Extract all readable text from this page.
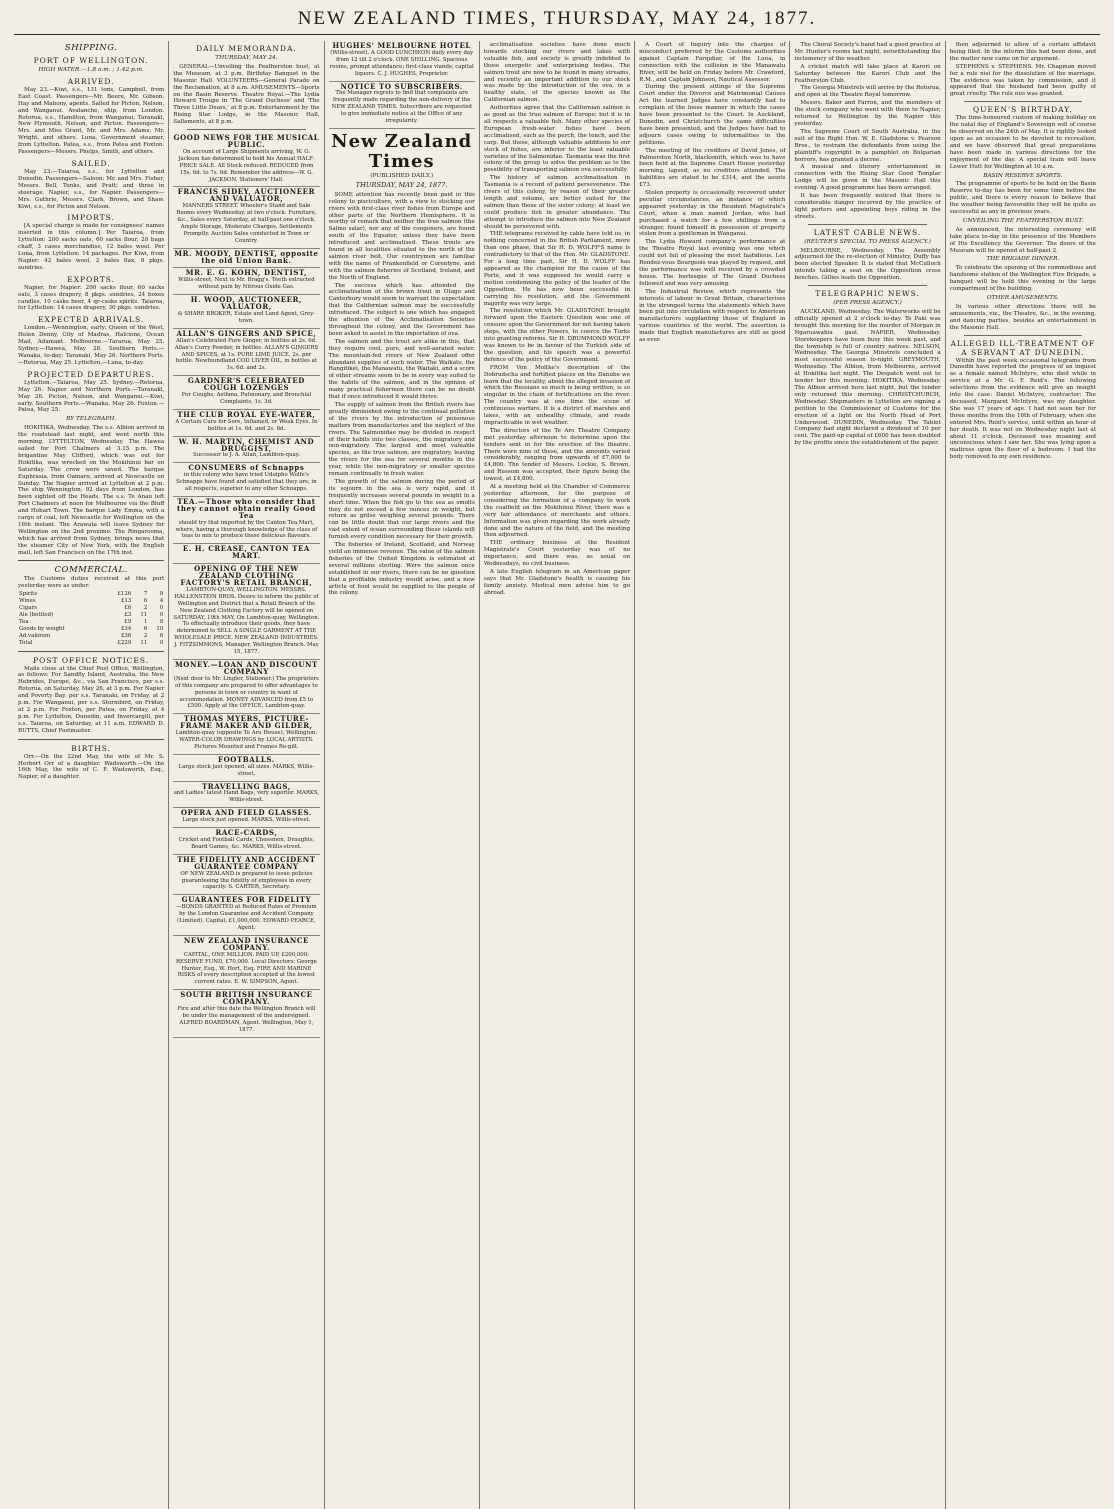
NEW ZEALAND TIMES, THURSDAY, MAY 24, 1877.
SHIPPING.
PORT OF WELLINGTON.
HIGH WATER.—1.8 a.m. ; 1.42 p.m.
ARRIVED.

May 23.—Kiwi, s.s., 131 tons, Campbell, from East Coast. Passengers—Mr. Beere, Mr. Gibson. Hay and Mahony, agents. Sailed for Picton, Nelson, and Wanganui. Avalanche, ship, from London. Rotorua, s.s., Hamilton, from Wanganui, Taranaki, New Plymouth, Nelson, and Picton. Passengers—Mrs. and Miss Grant, Mr. and Mrs. Adams, Mr. Wright, and others. Luna, Government steamer, from Lyttelton. Patea, s.s., from Patea and Foxton. Passengers—Messrs. Phelps, Smith, and others.

SAILED.

May 23.—Taiaroa, s.s., for Lyttelton and Dunedin. Passengers—Saloon: Mr. and Mrs. Fisher, Messrs. Bell, Tonks, and Pratt; and three in steerage. Napier, s.s., for Napier. Passengers—Mrs. Guthrie, Messrs. Clark, Brown, and Shaw. Kiwi, s.s., for Picton and Nelson.

IMPORTS.

[A special charge is made for consignees' names inserted in this column.] Per Taiaroa, from Lyttelton: 200 sacks oats, 60 sacks flour, 20 bags chaff, 3 cases merchandise, 12 bales wool. Per Luna, from Lyttelton: 14 packages. Per Kiwi, from Napier: 42 bales wool, 2 bales flax, 9 pkgs. sundries.

EXPORTS.

Napier, for Napier: 200 sacks flour, 60 sacks oats, 3 cases drapery, 8 pkgs. sundries, 24 boxes candles, 10 casks beer, 4 qr-casks spirits. Taiaroa, for Lyttelton: 14 cases drapery, 30 pkgs. sundries.

EXPECTED ARRIVALS.

London.—Wennington, early; Queen of the West, Helen Denny, City of Madras, Halcione, Ocean Mail, Adamant. Melbourne.—Tararua, May 25. Sydney.—Hawea, May 28. Southern Ports.—Wanaka, to-day; Taranaki, May 26. Northern Ports.—Rotorua, May 25. Lyttelton.—Luna, to-day.

PROJECTED DEPARTURES.

Lyttelton.—Taiaroa, May 25. Sydney.—Rotorua, May 26. Napier and Northern Ports.—Taranaki, May 26. Picton, Nelson, and Wanganui.—Kiwi, early. Southern Ports.—Wanaka, May 26. Foxton.—Patea, May 25.

BY TELEGRAPH.

HOKITIKA, Wednesday. The s.s. Albion arrived in the roadstead last night, and went north this morning. LYTTELTON, Wednesday. The Hawea sailed for Port Chalmers at 3.15 p.m. The brigantine May Clifford, which was out for Hokitika, was wrecked on the Mokihinui bar on Saturday. The crew were saved. The barque Euphrasia, from Oamaru, arrived at Newcastle on Sunday. The Napier arrived at Lyttelton at 2 p.m. The ship Wennington, 92 days from London, has been sighted off the Heads. The s.s. Te Anau left Port Chalmers at noon for Melbourne via the Bluff and Hobart Town. The barque Lady Emma, with a cargo of coal, left Newcastle for Wellington on the 16th instant. The Arawata will leave Sydney for Wellington on the 2nd proximo. The Ringarooma, which has arrived from Sydney, brings news that the steamer City of New York, with the English mail, left San Francisco on the 17th inst.

COMMERCIAL.

The Customs duties received at this port yesterday were as under:

Spirits	£126	7	8
Wines	£13	6	4
Cigars	£6	2	0
Ale (bottled)	£3	11	0
Tea	£9	1	8
Goods by weight	£34	6	10
Ad valorem	£36	2	6
Total	£229	11	0
POST OFFICE NOTICES.

Mails close at the Chief Post Office, Wellington, as follows: For Sandfly Island, Australia, the New Hebrides, Europe, &c., via San Francisco, per s.s. Rotorua, on Saturday, May 26, at 3 p.m. For Napier and Poverty Bay, per s.s. Taranaki, on Friday, at 2 p.m. For Wanganui, per s.s. Stormbird, on Friday, at 2 p.m. For Foxton, per Patea, on Friday, at 4 p.m. For Lyttelton, Dunedin, and Invercargill, per s.s. Taiaroa, on Saturday, at 11 a.m. EDWARD D. BUTTS, Chief Postmaster.

BIRTHS.

Orr.—On the 22nd May, the wife of Mr. S. Herbert Orr of a daughter. Wadsworth.—On the 16th May, the wife of C. F. Wadsworth, Esq., Napier, of a daughter.

DAILY MEMORANDA.
THURSDAY, MAY 24.

GENERAL—Unveiling the Featherston bust, at the Museum, at 3 p.m. Birthday Banquet in the Masonic Hall. VOLUNTEERS—General Parade on the Reclamation, at 8 a.m. AMUSEMENTS—Sports on the Basin Reserve. Theatre Royal.—The Lydia Howard Troupe in 'The Grand Duchess' and 'The Three Little Dears,' at 8 p.m. Entertainment by the Rising Star Lodge, in the Masonic Hall, Sallaments, at 8 p.m.

GOOD NEWS FOR THE MUSICAL PUBLIC.

On account of Large Shipments arriving, W. G. Jackson has determined to hold his Annual HALF-PRICE SALE. All Stock reduced. REDUCED from 15s. 6d. to 7s. 6d. Remember the address—W. G. JACKSON, Stationers' Hall.

FRANCIS SIDEY, AUCTIONEER AND VALUATOR,

MANNERS STREET. Wheeler's Stand and Sale Rooms every Wednesday, at two o'clock. Furniture, &c., Sales every Saturday, at half-past one o'clock. Ample Storage, Moderate Charges, Settlements Promptly. Auction Sales conducted in Town or Country.

MR. MOODY, DENTIST, opposite the old Union Bank.

MR. E. G. KOHN, DENTIST,

Willis-street, Next to Mr. Bragg's. Teeth extracted without pain by Nitrous Oxide Gas.

H. WOOD, AUCTIONEER, VALUATOR,

& SHARE BROKER, Estate and Land Agent, Grey-town.

ALLAN'S GINGERS AND SPICE,

Allan's Celebrated Pure Ginger, in bottles at 2s. 6d. Allan's Curry Powder, in bottles. ALLAN'S GINGERS AND SPICES, at 1s. PURE LIME JUICE, 2s. per bottle. Newfoundland COD LIVER OIL, in bottles at 1s. 6d. and 2s.

GARDNER'S CELEBRATED COUGH LOZENGES

For Coughs, Asthma, Pulmonary, and Bronchial Complaints, 1s. 3d.

THE CLUB ROYAL EYE-WATER,

A Certain Cure for Sore, Inflamed, or Weak Eyes. In bottles at 1s. 6d. and 2s. 6d.

W. H. MARTIN, CHEMIST AND DRUGGIST,

Successor to J. A. Allan, Lambton-quay.

CONSUMERS of Schnapps

in this colony who have tried Udolpho Wolfe's Schnapps have found and satisfied that they are, in all respects, superior to any other Schnapps.

TEA.—Those who consider that they cannot obtain really Good Tea

should try that imported by the Canton Tea Mart, where, having a thorough knowledge of the class of teas to mix to produce these delicious flavours.

E. H. CREASE, CANTON TEA MART.

OPENING OF THE NEW ZEALAND CLOTHING FACTORY'S RETAIL BRANCH,

LAMBTON-QUAY, WELLINGTON. MESSRS. HALLENSTEIN BROS. Desire to inform the public of Wellington and District that a Retail Branch of the New Zealand Clothing Factory will be opened on SATURDAY, 19th MAY, On Lambton-quay, Wellington. To effectually introduce their goods, they have determined to SELL A SINGLE GARMENT AT THE WHOLESALE PRICE. NEW ZEALAND INDUSTRIES. J. FITZSIMMONS, Manager, Wellington Branch. May 15, 1877.

MONEY.—LOAN AND DISCOUNT COMPANY

(Next door to Mr. Lingler, Stationer.) The proprietors of this company are prepared to offer advantages to persons in town or country in want of accommodation. MONEY ADVANCED from £5 to £500. Apply at the OFFICE, Lambton-quay.

THOMAS MYERS, PICTURE-FRAME MAKER AND GILDER,

Lambton-quay (opposite Te Aro House), Wellington. WATER-COLOR DRAWINGS by LOCAL ARTISTS. Pictures Mounted and Frames Re-gilt.

FOOTBALLS.

Large stock just opened, all sizes. MARKS, Willis-street.

TRAVELLING BAGS,

and Ladies' latest Hand Bags, very superior. MARKS, Willis-street.

OPERA AND FIELD GLASSES.

Large stock just opened. MARKS, Willis-street.

RACE-CARDS,

Cricket and Football Cards, Chessmen, Draughts, Board Games, &c. MARKS, Willis-street.

THE FIDELITY AND ACCIDENT GUARANTEE COMPANY

OF NEW ZEALAND is prepared to issue policies guaranteeing the fidelity of employees in every capacity. S. CARTER, Secretary.

GUARANTEES FOR FIDELITY

—BONDS GRANTED at Reduced Rates of Premium by the London Guarantee and Accident Company (Limited). Capital, £1,000,000. EDWARD PEARCE, Agent.

NEW ZEALAND INSURANCE COMPANY.

CAPITAL, ONE MILLION. PAID UP, £200,000; RESERVE FUND, £70,000. Local Directors: George Hunter, Esq., W. Hort, Esq. FIRE AND MARINE RISKS of every description accepted at the lowest current rates. E. W. SIMPSON, Agent.

SOUTH BRITISH INSURANCE COMPANY.

Fire and after this date the Wellington Branch will be under the management of the undersigned. ALFRED BOARDMAN, Agent. Wellington, May 1, 1877.

HUGHES' MELBOURNE HOTEL

(Willis-street). A GOOD LUNCHEON daily every day from 12 till 2 o'clock. ONE SHILLING. Spacious rooms, prompt attendance; first-class viands; capital liquors. C. J. HUGHES, Proprietor.

NOTICE TO SUBSCRIBERS.

The Manager regrets to find that complaints are frequently made regarding the non-delivery of the NEW ZEALAND TIMES. Subscribers are requested to give immediate notice at the Office of any irregularity.

New Zealand Times
(PUBLISHED DAILY.)
THURSDAY, MAY 24, 1877.

SOME attention has recently been paid in this colony to pisciculture, with a view to stocking our rivers with first-class river fishes from Europe and other parts of the Northern Hemisphere. It is worthy of remark that neither the true salmon (the Salmo salar), nor any of the congeners, are found south of the Equator, unless they have been introduced and acclimatised. These trouts are found in all localities situated to the north of the salmon river belt. Our countrymen are familiar with the name of Frankenfield or Corentyne, and with the salmon fisheries of Scotland, Ireland, and the North of England.

The success which has attended the acclimatisation of the brown trout in Otago and Canterbury would seem to warrant the expectation that the Californian salmon may be successfully introduced. The subject is one which has engaged the attention of the Acclimatisation Societies throughout the colony, and the Government has been asked to assist in the importation of ova.

The salmon and the trout are alike in this, that they require cool, pure, and well-aerated water. The mountain-fed rivers of New Zealand offer abundant supplies of such water. The Waikato, the Rangitikei, the Manawatu, the Waitaki, and a score of other streams seem to be in every way suited to the habits of the salmon, and in the opinion of many practical fishermen there can be no doubt that if once introduced it would thrive.

The supply of salmon from the British rivers has greatly diminished owing to the continual pollution of the rivers by the introduction of poisonous matters from manufactories and the neglect of the rivers. The Salmonidae may be divided in respect of their habits into two classes, the migratory and non-migratory. The largest and most valuable species, as the true salmon, are migratory, leaving the rivers for the sea for several months in the year, while the non-migratory or smaller species remain continually in fresh water.

The growth of the salmon during the period of its sojourn in the sea is very rapid, and it frequently increases several pounds in weight in a short time. When the fish go to the sea as smolts they do not exceed a few ounces in weight, but return as grilse weighing several pounds. There can be little doubt that our large rivers and the vast extent of ocean surrounding these islands will furnish every condition necessary for their growth.

The fisheries of Ireland, Scotland, and Norway yield an immense revenue. The value of the salmon fisheries of the United Kingdom is estimated at several millions sterling. Were the salmon once established in our rivers, there can be no question that a profitable industry would arise, and a new article of food would be supplied to the people of the colony.

acclimatisation societies have done much towards stocking our rivers and lakes with valuable fish, and society is greatly indebted to those energetic and enterprising bodies. The salmon trout are now to be found in many streams, and recently an important addition to our stock was made by the introduction of the ova, in a healthy state, of the species known as the Californian salmon.

Authorities agree that the Californian salmon is as good as the true salmon of Europe; but it is in all respects a valuable fish. Many other species of European fresh-water fishes have been acclimatised, such as the perch, the tench, and the carp. But these, although valuable additions to our stock of fishes, are inferior to the least valuable varieties of the Salmonidae. Tasmania was the first colony of the group to solve the problem as to the possibility of transporting salmon ova successfully.

The history of salmon acclimatisation in Tasmania is a record of patient perseverance. The rivers of this colony, by reason of their greater length and volume, are better suited for the salmon than those of the sister colony; at least we could produce fish in greater abundance. The attempt to introduce the salmon into New Zealand should be persevered with.

THE telegrams received by cable have told us, in nothing concerned in the British Parliament, more than one phase, that Sir H. D. WOLFF'S name is contradictory to that of the Hon. Mr. GLADSTONE. For a long time past, Sir H. D. WOLFF has appeared as the champion for the cause of the Porte, and it was supposed he would carry a motion condemning the policy of the leader of the Opposition. He has now been successful in carrying his resolution, and the Government majority was very large.

The resolution which Mr. GLADSTONE brought forward upon the Eastern Question was one of censure upon the Government for not having taken steps, with the other Powers, to coerce the Turks into granting reforms. Sir H. DRUMMOND WOLFF was known to be in favour of the Turkish side of the question, and his speech was a powerful defence of the policy of the Government.

FROM Von Moltke's description of the Dobrudscha and fortified places on the Danube we learn that the locality, about the alleged invasion of which the Russians so much is being written, is so singular in the chain of fortifications on the river. The country was at one time the scene of continuous warfare. It is a district of marshes and lakes, with an unhealthy climate, and roads impracticable in wet weather.

The directors of the Te Aro Theatre Company met yesterday afternoon to determine upon the tenders sent in for the erection of the theatre. There were nine of these, and the amounts varied considerably, ranging from upwards of £7,000 to £4,800. The tender of Messrs. Lockie, S. Brown, and Russom was accepted, their figure being the lowest, at £4,800.

At a meeting held at the Chamber of Commerce yesterday afternoon, for the purpose of considering the formation of a company to work the coalfield on the Mokihinui River, there was a very fair attendance of merchants and others. Information was given regarding the work already done and the nature of the field, and the meeting then adjourned.

THE ordinary business at the Resident Magistrate's Court yesterday was of no importance, and there was, as usual on Wednesdays, no civil business.

A late English telegram in an American paper says that Mr. Gladstone's health is causing his family anxiety. Medical men advise him to go abroad.

A Court of Inquiry into the charges of misconduct preferred by the Customs authorities against Captain Farquhar, of the Luna, in connection with the collision in the Manawatu River, will be held on Friday before Mr. Crawford, R.M., and Captain Johnson, Nautical Assessor.

During the present sittings of the Supreme Court under the Divorce and Matrimonial Causes Act the learned Judges have constantly had to complain of the loose manner in which the cases have been presented to the Court. In Auckland, Dunedin, and Christchurch the same difficulties have been presented, and the Judges have had to adjourn cases owing to informalities in the petitions.

The meeting of the creditors of David Jones, of Palmerston North, blacksmith, which was to have been held at the Supreme Court House yesterday morning, lapsed, as no creditors attended. The liabilities are stated to be £314, and the assets £73.

Stolen property is occasionally recovered under peculiar circumstances, an instance of which appeared yesterday in the Resident Magistrate's Court, when a man named Jordan, who had purchased a watch for a few shillings from a stranger, found himself in possession of property stolen from a gentleman in Wanganui.

The Lydia Howard company's performance at the Theatre Royal last evening was one which could not fail of pleasing the most fastidious. Les Rendez-vous Bourgeois was played by request, and the performance was well received by a crowded house. The burlesque of The Grand Duchess followed and was very amusing.

The Industrial Review, which represents the interests of labour in Great Britain, characterises in the strongest terms the statements which have been put into circulation with respect to American manufacturers supplanting those of England in various countries of the world. The assertion is made that English manufactures are still as good as ever.

The Choral Society's band had a good practice at Mr. Hunter's rooms last night, notwithstanding the inclemency of the weather.

A cricket match will take place at Karori on Saturday between the Karori Club and the Featherston Club.

The Georgia Minstrels will arrive by the Rotorua, and open at the Theatre Royal tomorrow.

Messrs. Baker and Farron, and the members of the stock company who went with them to Napier, returned to Wellington by the Napier this yesterday.

The Supreme Court of South Australia, in the suit of the Right Hon. W. E. Gladstone v. Pearson Bros., to restrain the defendants from using the plaintiff's copyright in a pamphlet on Bulgarian horrors, has granted a decree.

A musical and literary entertainment in connection with the Rising Star Good Templar Lodge will be given in the Masonic Hall this evening. A good programme has been arranged.

It has been frequently noticed that there is considerable danger incurred by the practice of light porters and appointing boys riding in the streets.

LATEST CABLE NEWS.
(REUTER'S SPECIAL TO PRESS AGENCY.)

MELBOURNE, Wednesday. The Assembly adjourned for the re-election of Ministry. Duffy has been elected Speaker. It is stated that McCulloch intends taking a seat on the Opposition cross benches. Gillies leads the Opposition.

TELEGRAPHIC NEWS.
(PER PRESS AGENCY.)

AUCKLAND, Wednesday. The Waterworks will be officially opened at 2 o'clock to-day. Te Paki was brought this morning for the murder of Morgan in Ngaruawahia gaol. NAPIER, Wednesday. Storekeepers have been busy this week past, and the township is full of country natives. NELSON, Wednesday. The Georgia Minstrels concluded a most successful season to-night. GREYMOUTH, Wednesday. The Albion, from Melbourne, arrived at Hokitika last night. The Despatch went out to tender her this morning. HOKITIKA, Wednesday. The Albion arrived here last night, but the tender only returned this morning. CHRISTCHURCH, Wednesday. Shipmasters in Lyttelton are signing a petition to the Commissioner of Customs for the erection of a light on the North Head of Port Underwood. DUNEDIN, Wednesday. The Tablet Company had eight declared a dividend of 10 per cent. The paid-up capital of £600 has been doubled by the profits since the establishment of the paper.

then adjourned to allow of a certain affidavit being filed. In the interim this had been done, and the matter now came on for argument.

STEPHENS v. STEPHENS. Mr. Chapman moved for a rule nisi for the dissolution of the marriage. The evidence was taken by commission, and it appeared that the husband had been guilty of great cruelty. The rule nisi was granted.

QUEEN'S BIRTHDAY.

The time-honoured custom of making holiday on the natal day of England's Sovereign will of course be observed on the 24th of May. It is rightly looked upon as an occasion to be devoted to recreation, and we have observed that great preparations have been made in various directions for the enjoyment of the day. A special train will leave Lower Hutt for Wellington at 10 a.m.

BASIN RESERVE SPORTS.

The programme of sports to be held on the Basin Reserve to-day has been for some time before the public, and there is every reason to believe that the weather being favourable they will be quite as successful as any in previous years.

UNVEILING THE FEATHERSTON BUST.

As announced, the interesting ceremony will take place to-day in the presence of the Members of His Excellency the Governor. The doors of the Museum will be opened at half-past 2.

THE BRIGADE DINNER.

To celebrate the opening of the commodious and handsome station of the Wellington Fire Brigade, a banquet will be held this evening in the large compartment of the building.

OTHER AMUSEMENTS.

In various other directions there will be amusements, viz., the Theatre, &c., in the evening, and dancing parties, besides an entertainment in the Masonic Hall.

ALLEGED ILL-TREATMENT OF A SERVANT AT DUNEDIN.

Within the past week occasional telegrams from Dunedin have reported the progress of an inquest as a female named McIntyre, who died while in service at a Mr. G. F. Reid's. The following selections from the evidence will give an insight into the case: Daniel McIntyre, contractor: The deceased, Margaret McIntyre, was my daughter. She was 17 years of age. I had not seen her for three months from the 16th of February, when she entered Mrs. Reid's service, until within an hour of her death. It was not on Wednesday night last at about 11 o'clock. Deceased was moaning and unconscious when I saw her. She was lying upon a mattress upon the floor of a bedroom. I had the body removed to my own residence.
